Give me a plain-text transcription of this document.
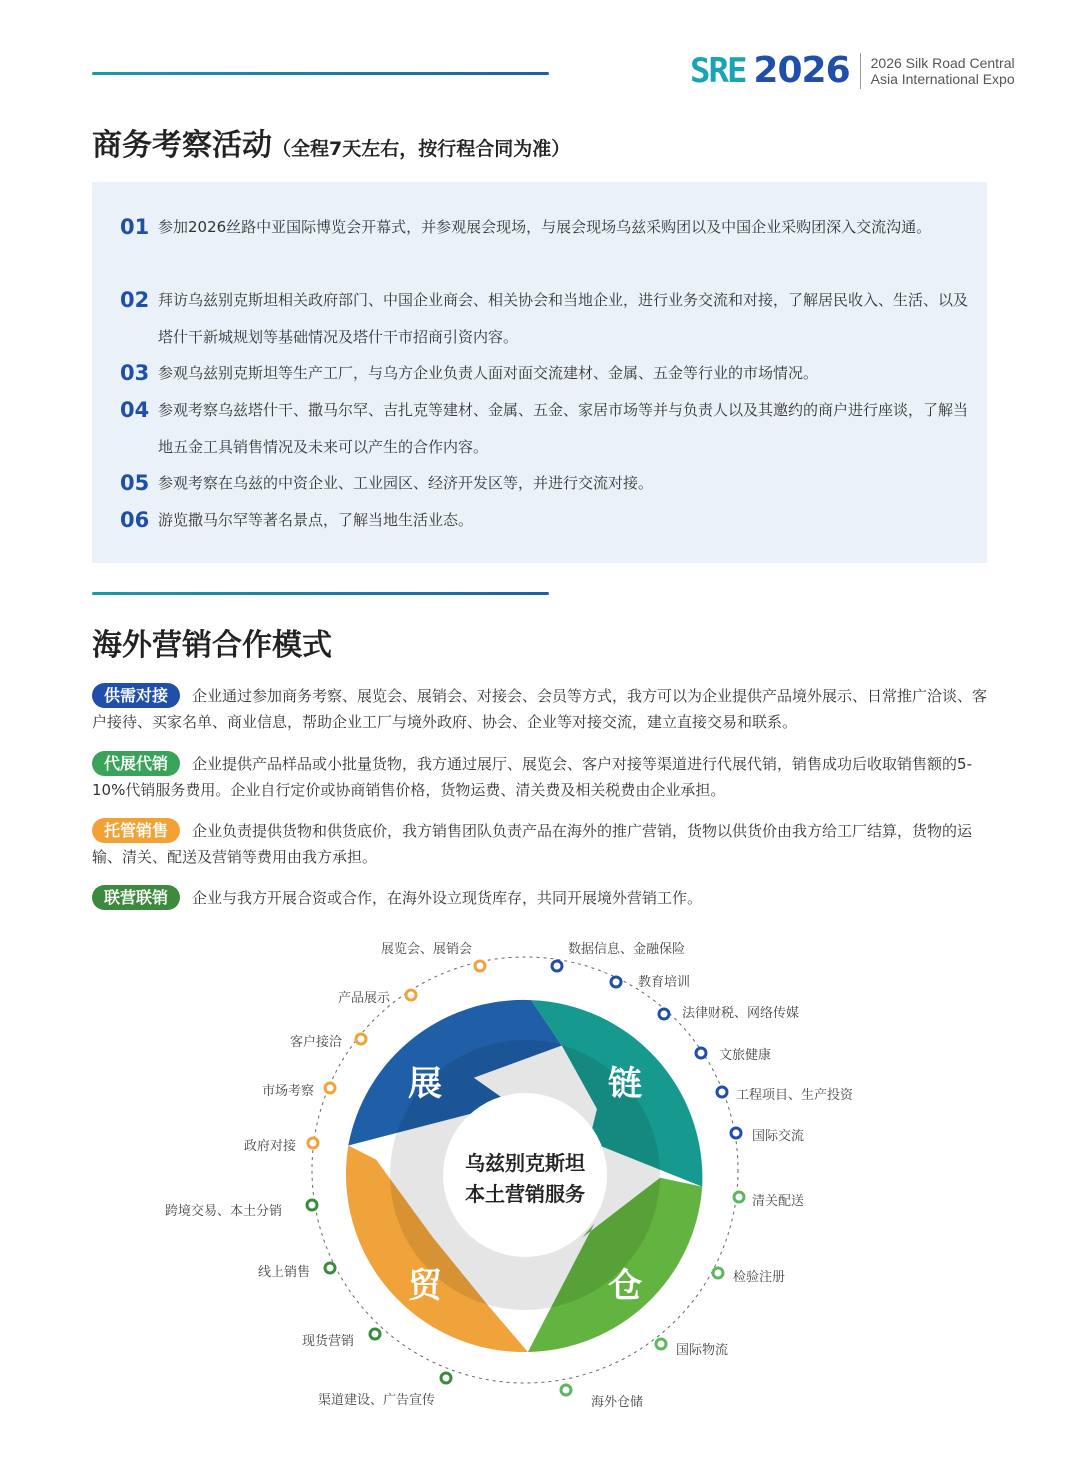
SRE 2026 2026 Silk Road Central
Asia International Expo
商务考察活动（全程7天左右，按行程合同为准）
01 参加2026丝路中亚国际博览会开幕式，并参观展会现场，与展会现场乌兹采购团以及中国企业采购团深入交流沟通。
02 拜访乌兹别克斯坦相关政府部门、中国企业商会、相关协会和当地企业，进行业务交流和对接，了解居民收入、生活、以及塔什干新城规划等基础情况及塔什干市招商引资内容。
03 参观乌兹别克斯坦等生产工厂，与乌方企业负责人面对面交流建材、金属、五金等行业的市场情况。
04 参观考察乌兹塔什干、撒马尔罕、吉扎克等建材、金属、五金、家居市场等并与负责人以及其邀约的商户进行座谈，了解当地五金工具销售情况及未来可以产生的合作内容。
05 参观考察在乌兹的中资企业、工业园区、经济开发区等，并进行交流对接。
06 游览撒马尔罕等著名景点，了解当地生活业态。
海外营销合作模式
供需对接 企业通过参加商务考察、展览会、展销会、对接会、会员等方式，我方可以为企业提供产品境外展示、日常推广洽谈、客户接待、买家名单、商业信息，帮助企业工厂与境外政府、协会、企业等对接交流，建立直接交易和联系。
代展代销 企业提供产品样品或小批量货物，我方通过展厅、展览会、客户对接等渠道进行代展代销，销售成功后收取销售额的5-10%代销服务费用。企业自行定价或协商销售价格，货物运费、清关费及相关税费由企业承担。
托管销售 企业负责提供货物和供货底价，我方销售团队负责产品在海外的推广营销，货物以供货价由我方给工厂结算，货物的运输、清关、配送及营销等费用由我方承担。
联营联销 企业与我方开展合资或合作，在海外设立现货库存，共同开展境外营销工作。
乌兹别克斯坦
本土营销服务
展	链
仓
贸
展览会、展销会
产品展示
客户接洽
市场考察
政府对接
跨境交易、本土分销
线上销售
现货营销
渠道建设、广告宣传
数据信息、金融保险
教育培训
法律财税、网络传媒
文旅健康
工程项目、生产投资
国际交流
清关配送
检验注册
国际物流
海外仓储
